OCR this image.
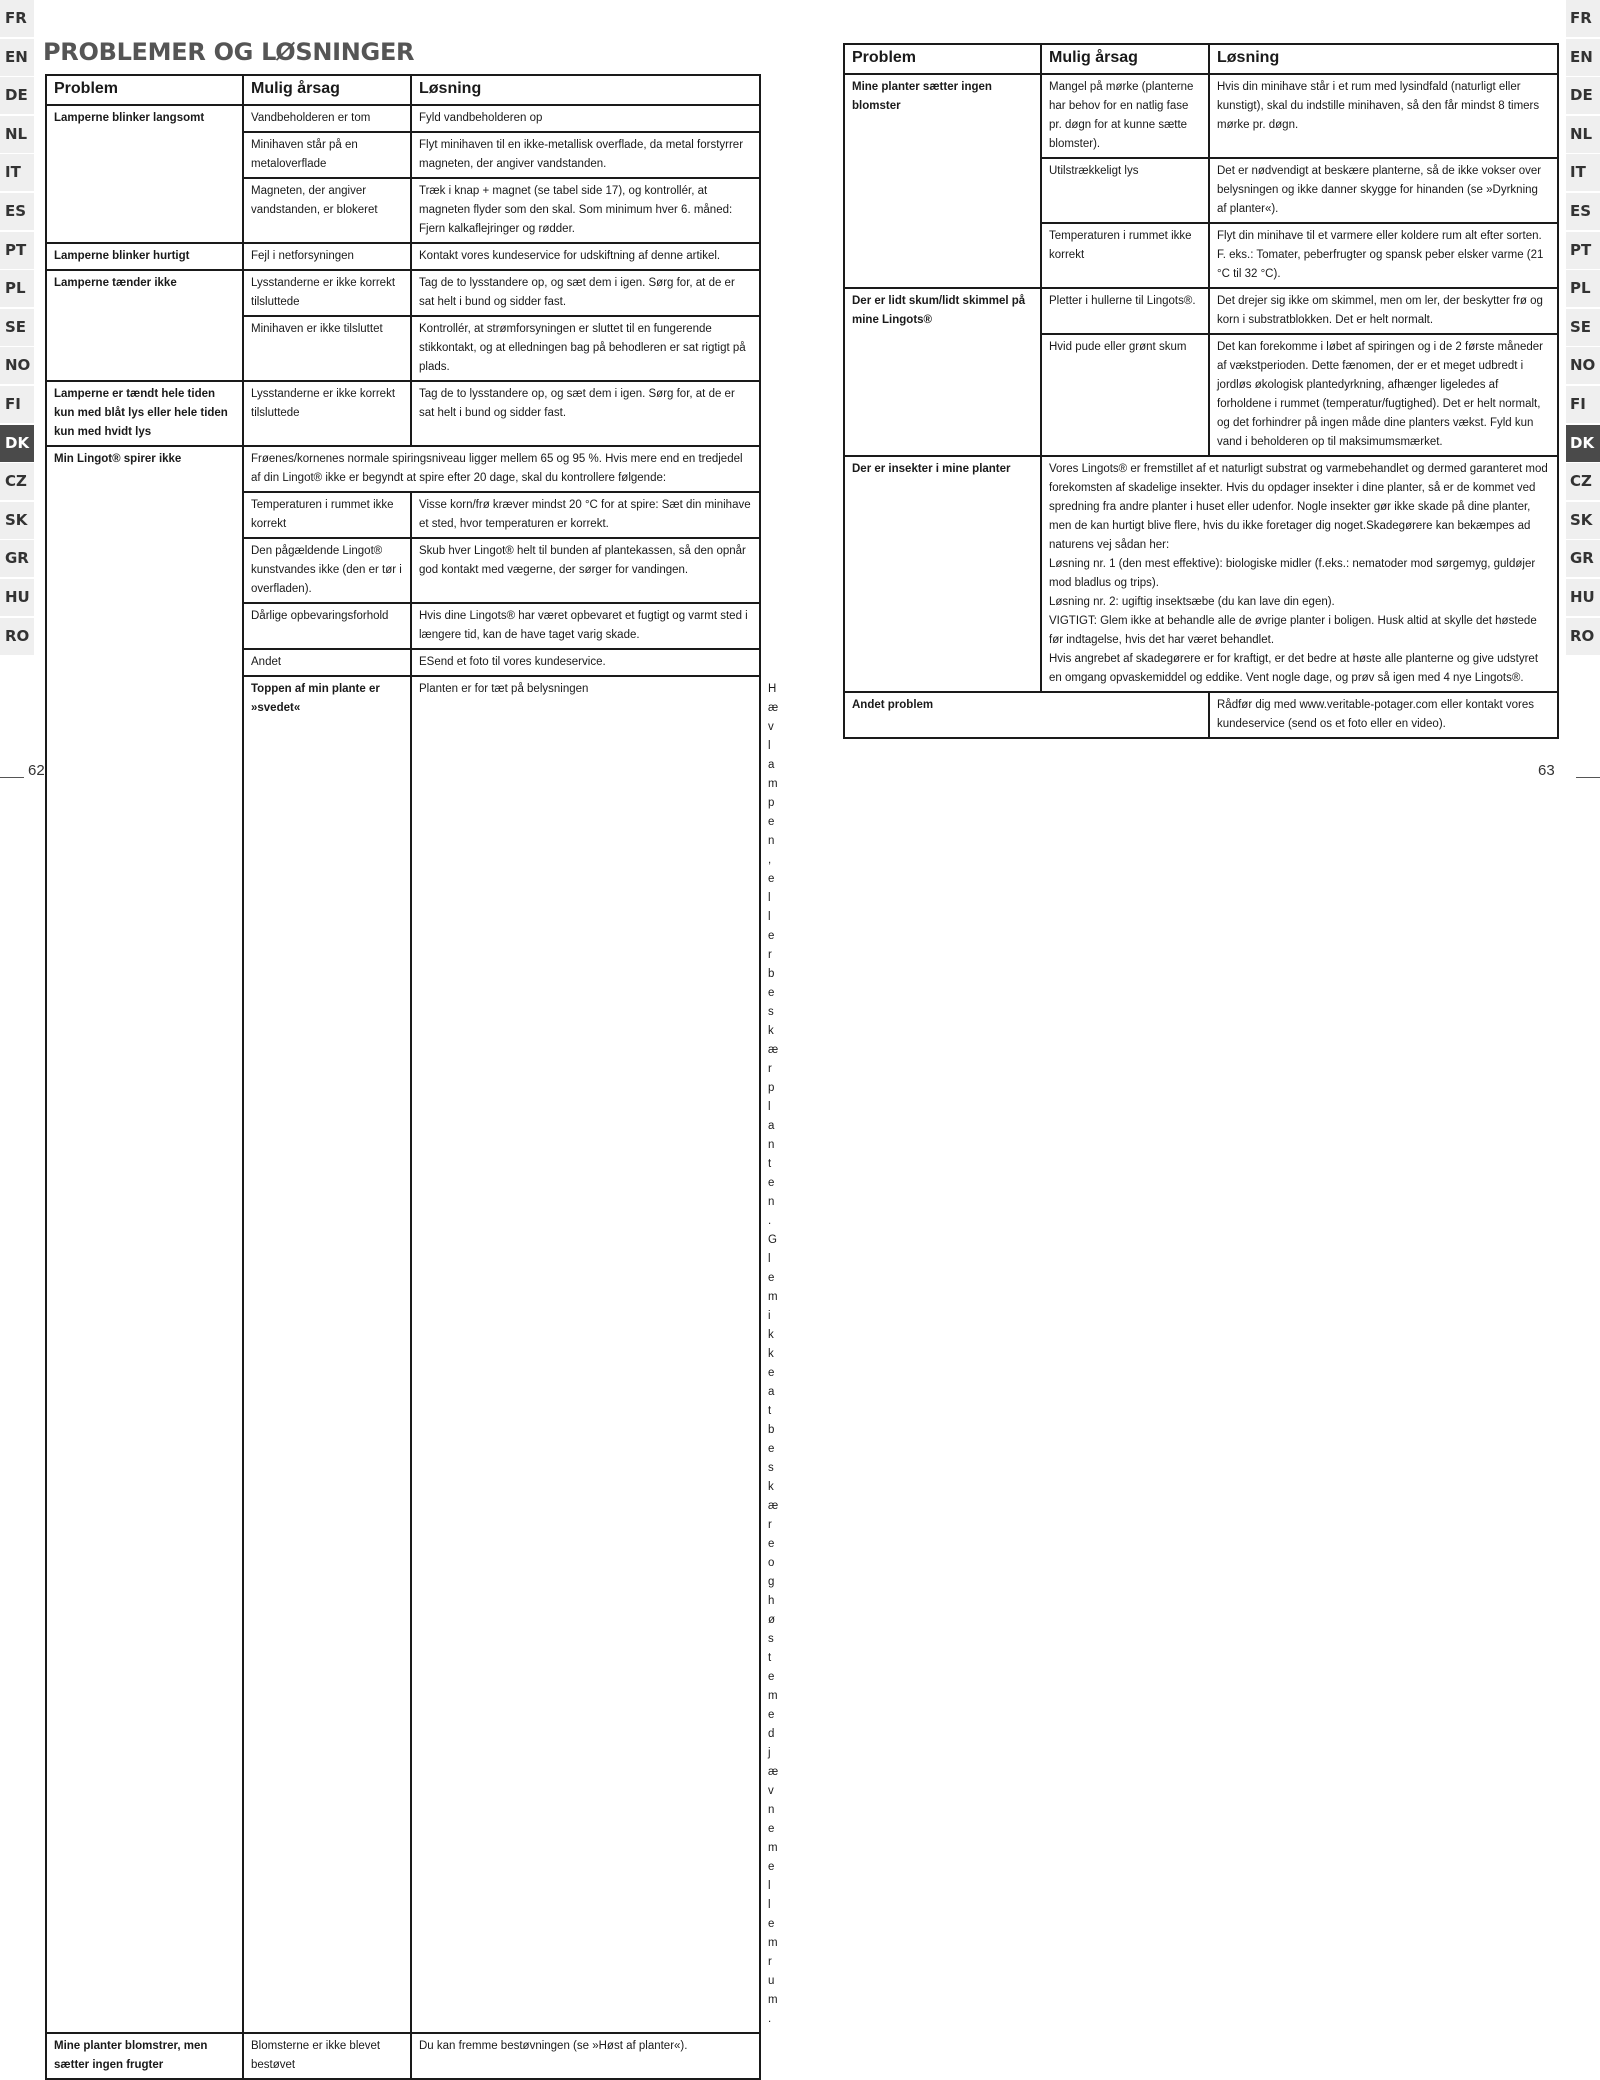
FR
EN
DE
NL
IT
ES
PT
PL
SE
NO
FI
DK
CZ
SK
GR
HU
RO
FR
EN
DE
NL
IT
ES
PT
PL
SE
NO
FI
DK
CZ
SK
GR
HU
RO
PROBLEMER OG LØSNINGER
Problem	Mulig årsag	Løsning	
Lamperne blinker langsomt	Vandbeholderen er tom	Fyld vandbeholderen op	
	Minihaven står på en metaloverflade	Flyt minihaven til en ikke-metallisk overflade, da metal forstyrrer magneten, der angiver vandstanden.	
	Magneten, der angiver vandstanden, er blokeret	Træk i knap + magnet (se tabel side 17), og kontrollér, at magneten flyder som den skal. Som minimum hver 6. måned: Fjern kalkaflejringer og rødder.	
Lamperne blinker hurtigt	Fejl i netforsyningen	Kontakt vores kundeservice for udskiftning af denne artikel.	
Lamperne tænder ikke	Lysstanderne er ikke korrekt tilsluttede	Tag de to lysstandere op, og sæt dem i igen. Sørg for, at de er sat helt i bund og sidder fast.	
	Minihaven er ikke tilsluttet	Kontrollér, at strømforsyningen er sluttet til en fungerende stikkontakt, og at elledningen bag på behodleren er sat rigtigt på plads.	
Lamperne er tændt hele tiden kun med blåt lys eller hele tiden kun med hvidt lys	Lysstanderne er ikke korrekt tilsluttede	Tag de to lysstandere op, og sæt dem i igen. Sørg for, at de er sat helt i bund og sidder fast.	
Min Lingot® spirer ikke	Frøenes/kornenes normale spiringsniveau ligger mellem 65 og 95 %. Hvis mere end en tredjedel af din Lingot® ikke er begyndt at spire efter 20 dage, skal du kontrollere følgende:		
	Temperaturen i rummet ikke korrekt	Visse korn/frø kræver mindst 20 °C for at spire: Sæt din minihave et sted, hvor temperaturen er korrekt.	
	Den pågældende Lingot® kunstvandes ikke (den er tør i overfladen).	Skub hver Lingot® helt til bunden af plantekassen, så den opnår god kontakt med vægerne, der sørger for vandingen.	
	Dårlige opbevaringsforhold	Hvis dine Lingots® har været opbevaret et fugtigt og varmt sted i længere tid, kan de have taget varig skade.	
	Andet	ESend et foto til vores kundeservice.	
	Toppen af min plante er »svedet«	Planten er for tæt på belysningen	Hæv lampen, eller beskær planten. Glem ikke at beskære og høste med jævne mellemrum.
Mine planter blomstrer, men sætter ingen frugter	Blomsterne er ikke blevet bestøvet	Du kan fremme bestøvningen (se »Høst af planter«).	
Problem	Mulig årsag	Løsning
Mine planter sætter ingen blomster	Mangel på mørke (planterne har behov for en natlig fase pr. døgn for at kunne sætte blomster).	Hvis din minihave står i et rum med lysindfald (naturligt eller kunstigt), skal du indstille minihaven, så den får mindst 8 timers mørke pr. døgn.
	Utilstrækkeligt lys	Det er nødvendigt at beskære planterne, så de ikke vokser over belysningen og ikke danner skygge for hinanden (se »Dyrkning af planter«).
	Temperaturen i rummet ikke korrekt	Flyt din minihave til et varmere eller koldere rum alt efter sorten. F. eks.: Tomater, peberfrugter og spansk peber elsker varme (21 °C til 32 °C).
Der er lidt skum/lidt skimmel på mine Lingots®	Pletter i hullerne til Lingots®.	Det drejer sig ikke om skimmel, men om ler, der beskytter frø og korn i substratblokken. Det er helt normalt.
	Hvid pude eller grønt skum	Det kan forekomme i løbet af spiringen og i de 2 første måneder af vækstperioden. Dette fænomen, der er et meget udbredt i jordløs økologisk plantedyrkning, afhænger ligeledes af forholdene i rummet (temperatur/fugtighed). Det er helt normalt, og det forhindrer på ingen måde dine planters vækst. Fyld kun vand i beholderen op til maksimumsmærket.
Der er insekter i mine planter	Vores Lingots® er fremstillet af et naturligt substrat og varmebehandlet og dermed garanteret mod forekomsten af skadelige insekter. Hvis du opdager insekter i dine planter, så er de kommet ved spredning fra andre planter i huset eller udenfor. Nogle insekter gør ikke skade på dine planter, men de kan hurtigt blive flere, hvis du ikke foretager dig noget.Skadegørere kan bekæmpes ad naturens vej sådan her:
Løsning nr. 1 (den mest effektive): biologiske midler (f.eks.: nematoder mod sørgemyg, guldøjer mod bladlus og trips).
Løsning nr. 2: ugiftig insektsæbe (du kan lave din egen).
VIGTIGT: Glem ikke at behandle alle de øvrige planter i boligen. Husk altid at skylle det høstede før indtagelse, hvis det har været behandlet.
Hvis angrebet af skadegørere er for kraftigt, er det bedre at høste alle planterne og give udstyret en omgang opvaskemiddel og eddike. Vent nogle dage, og prøv så igen med 4 nye Lingots®.	

Andet problem		Rådfør dig med www.veritable-potager.com eller kontakt vores kundeservice (send os et foto eller en video).
62	63
